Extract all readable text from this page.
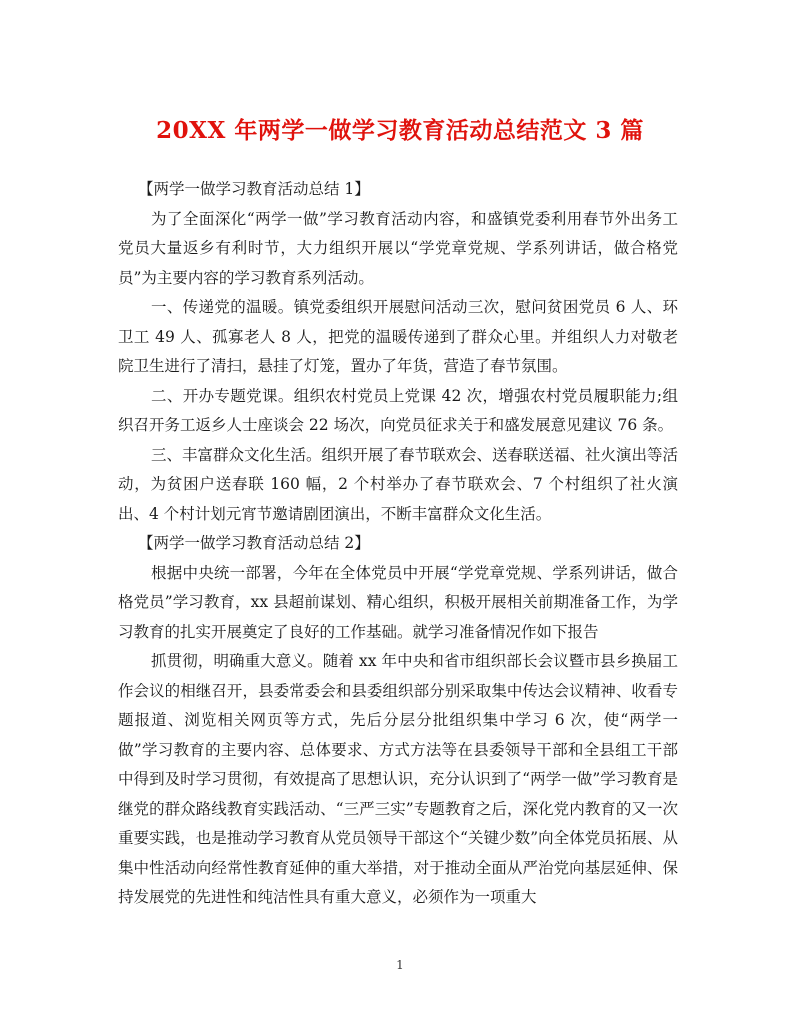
20XX 年两学一做学习教育活动总结范文 3 篇

【两学一做学习教育活动总结 1】

为了全面深化“两学一做”学习教育活动内容，和盛镇党委利用春节外出务工党员大量返乡有利时节，大力组织开展以“学党章党规、学系列讲话，做合格党员”为主要内容的学习教育系列活动。

一、传递党的温暖。镇党委组织开展慰问活动三次，慰问贫困党员 6 人、环卫工 49 人、孤寡老人 8 人，把党的温暖传递到了群众心里。并组织人力对敬老院卫生进行了清扫，悬挂了灯笼，置办了年货，营造了春节氛围。

二、开办专题党课。组织农村党员上党课 42 次，增强农村党员履职能力;组织召开务工返乡人士座谈会 22 场次，向党员征求关于和盛发展意见建议 76 条。

三、丰富群众文化生活。组织开展了春节联欢会、送春联送福、社火演出等活动，为贫困户送春联 160 幅，2 个村举办了春节联欢会、7 个村组织了社火演出、4 个村计划元宵节邀请剧团演出，不断丰富群众文化生活。

【两学一做学习教育活动总结 2】

根据中央统一部署，今年在全体党员中开展“学党章党规、学系列讲话，做合格党员”学习教育，xx 县超前谋划、精心组织，积极开展相关前期准备工作，为学习教育的扎实开展奠定了良好的工作基础。就学习准备情况作如下报告

抓贯彻，明确重大意义。随着 xx 年中央和省市组织部长会议暨市县乡换届工作会议的相继召开，县委常委会和县委组织部分别采取集中传达会议精神、收看专题报道、浏览相关网页等方式，先后分层分批组织集中学习 6 次，使“两学一做”学习教育的主要内容、总体要求、方式方法等在县委领导干部和全县组工干部中得到及时学习贯彻，有效提高了思想认识，充分认识到了“两学一做”学习教育是继党的群众路线教育实践活动、“三严三实”专题教育之后，深化党内教育的又一次重要实践，也是推动学习教育从党员领导干部这个“关键少数”向全体党员拓展、从集中性活动向经常性教育延伸的重大举措，对于推动全面从严治党向基层延伸、保持发展党的先进性和纯洁性具有重大意义，必须作为一项重大

1
